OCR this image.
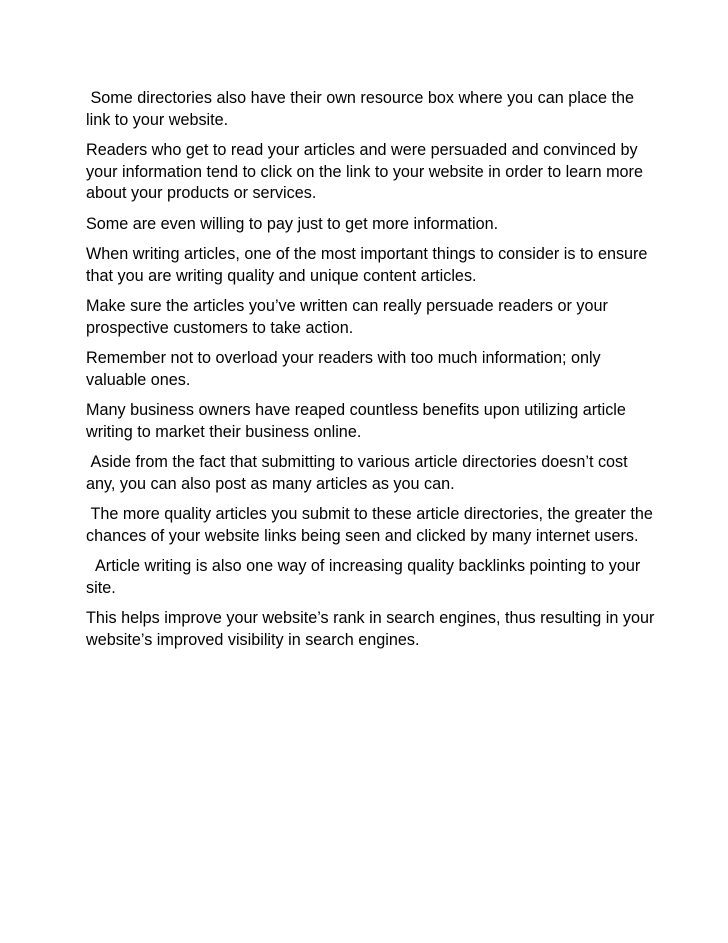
Some directories also have their own resource box where you can place the link to your website.

Readers who get to read your articles and were persuaded and convinced by your information tend to click on the link to your website in order to learn more about your products or services.

Some are even willing to pay just to get more information.

When writing articles, one of the most important things to consider is to ensure that you are writing quality and unique content articles.

Make sure the articles you’ve written can really persuade readers or your prospective customers to take action.

Remember not to overload your readers with too much information; only valuable ones.

Many business owners have reaped countless benefits upon utilizing article writing to market their business online.

Aside from the fact that submitting to various article directories doesn’t cost any, you can also post as many articles as you can.

The more quality articles you submit to these article directories, the greater the chances of your website links being seen and clicked by many internet users.

Article writing is also one way of increasing quality backlinks pointing to your site.

This helps improve your website’s rank in search engines, thus resulting in your website’s improved visibility in search engines.
